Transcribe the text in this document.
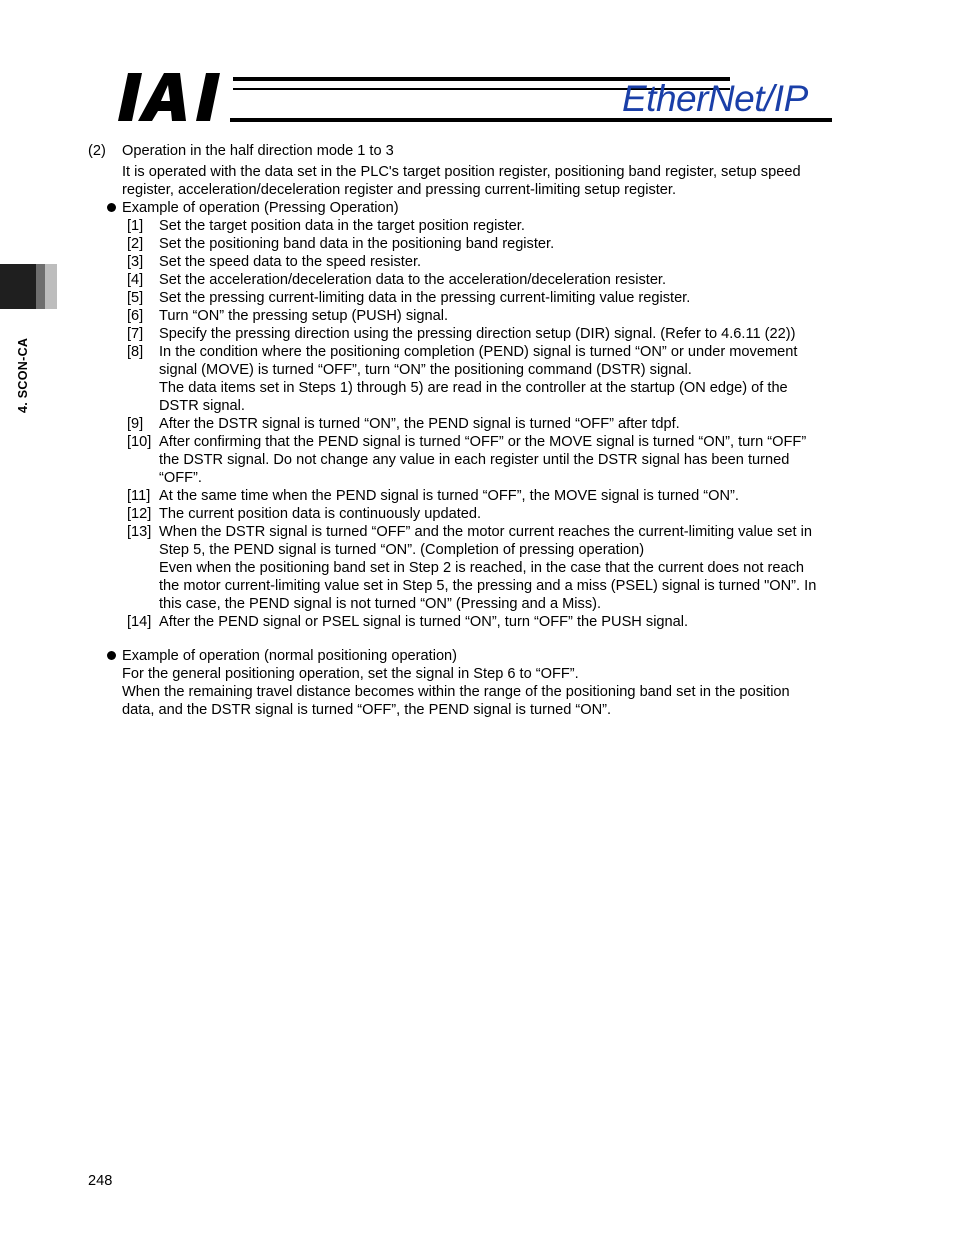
EtherNet/IP
4. SCON-CA
(2) Operation in the half direction mode 1 to 3
It is operated with the data set in the PLC's target position register, positioning band register, setup speed
register, acceleration/deceleration register and pressing current-limiting setup register.
Example of operation (Pressing Operation)
[1] Set the target position data in the target position register.
[2] Set the positioning band data in the positioning band register.
[3] Set the speed data to the speed resister.
[4] Set the acceleration/deceleration data to the acceleration/deceleration resister.
[5] Set the pressing current-limiting data in the pressing current-limiting value register.
[6] Turn “ON” the pressing setup (PUSH) signal.
[7] Specify the pressing direction using the pressing direction setup (DIR) signal. (Refer to 4.6.11 (22))
[8] In the condition where the positioning completion (PEND) signal is turned “ON” or under movement
signal (MOVE) is turned “OFF”, turn “ON” the positioning command (DSTR) signal.
The data items set in Steps 1) through 5) are read in the controller at the startup (ON edge) of the
DSTR signal.
[9] After the DSTR signal is turned “ON”, the PEND signal is turned “OFF” after tdpf.
[10] After confirming that the PEND signal is turned “OFF” or the MOVE signal is turned “ON”, turn “OFF”
the DSTR signal. Do not change any value in each register until the DSTR signal has been turned
“OFF”.
[11] At the same time when the PEND signal is turned “OFF”, the MOVE signal is turned “ON”.
[12] The current position data is continuously updated.
[13] When the DSTR signal is turned “OFF” and the motor current reaches the current-limiting value set in
Step 5, the PEND signal is turned “ON”. (Completion of pressing operation)
Even when the positioning band set in Step 2 is reached, in the case that the current does not reach
the motor current-limiting value set in Step 5, the pressing and a miss (PSEL) signal is turned "ON”. In
this case, the PEND signal is not turned “ON” (Pressing and a Miss).
[14] After the PEND signal or PSEL signal is turned “ON”, turn “OFF” the PUSH signal.
Example of operation (normal positioning operation)
For the general positioning operation, set the signal in Step 6 to “OFF”.
When the remaining travel distance becomes within the range of the positioning band set in the position
data, and the DSTR signal is turned “OFF”, the PEND signal is turned “ON”.
248
